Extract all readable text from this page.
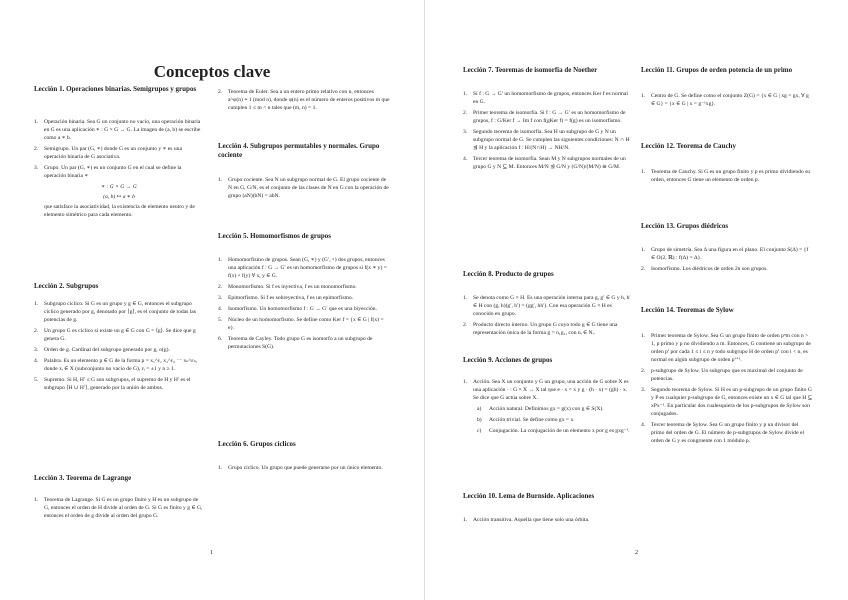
Conceptos clave
Lección 1. Operaciones binarias. Semigrupos y grupos
1.	Operación binaria. Sea G un conjunto no vacío, una operación binaria en G es una aplicación ∗ : G × G → G. La imagen de (a, b) se escribe como a ∗ b.
2.	Semigrupo. Un par (G, ∗) donde G es un conjunto y ∗ es una operación binaria de G asociativa.
3.	Grupo. Un par (G, ∗) es un conjunto G en el cual se define la operación binaria ∗
∗ : G × G → G
(a, b) ↦ a ∗ b
que satisface la asociatividad, la existencia de elemento neutro y de elemento simétrico para cada elemento.
Lección 2. Subgrupos
1.	Subgrupo cíclico. Si G es un grupo y g ∈ G, entonces el subgrupo cíclico generado por g, denotado por ⟨g⟩, es el conjunto de todas las potencias de g.
2.	Un grupo G es cíclico si existe un g ∈ G con G = ⟨g⟩. Se dice que g genera G.
3.	Orden de g. Cardinal del subgrupo generado por g, o(g).
4.	Palabra. Es un elemento p ∈ G de la forma p = x₁^ε₁ x₂^ε₂ ⋯ xₙ^εₙ, donde xᵢ ∈ X (subconjunto no vacío de G), εᵢ = ±1 y n ≥ 1.
5.	Supremo. Si H, H′ ≤ G son subgrupos, el supremo de H y H′ es el subgrupo ⟨H ∪ H′⟩, generado por la unión de ambos.
Lección 3. Teorema de Lagrange
1.	Teorema de Lagrange. Si G es un grupo finito y H es un subgrupo de G, entonces el orden de H divide al orden de G. Si G es finito y g ∈ G, entonces el orden de g divide al orden del grupo G.
2.	Teorema de Euler. Sea a un entero primo relativo con n, entonces a^φ(n) ≡ 1 (mod n), donde φ(n) es el número de enteros positivos m que cumplen 1 ≤ m < n tales que (m, n) = 1.
Lección 4. Subgrupos permutables y normales. Grupo cociente
1.	Grupo cociente. Sea N un subgrupo normal de G. El grupo cociente de N en G, G/N, es el conjunto de las clases de N en G con la operación de grupo (aN)(bN) = abN.
Lección 5. Homomorfismos de grupos
1.	Homomorfismo de grupos. Sean (G, ∗) y (G′, ∘) dos grupos, entonces una aplicación f : G → G′ es un homomorfismo de grupos si f(x ∗ y) = f(x) ∘ f(y) ∀ x, y ∈ G.
2.	Monomorfismo. Si f es inyectiva, f es un monomorfismo.
3.	Epimorfismo. Si f es sobreyectiva, f es un epimorfismo.
4.	Isomorfismo. Un homomorfismo f : G → G′ que es una biyección.
5.	Núcleo de un homomorfismo. Se define como Ker f = {x ∈ G | f(x) = e}.
6.	Teorema de Cayley. Todo grupo G es isomorfo a un subgrupo de permutaciones S(G).
Lección 6. Grupos cíclicos
1.	Grupo cíclico. Un grupo que puede generarse por un único elemento.
1
Lección 7. Teoremas de isomorfía de Noether
1.	Si f : G → G′ un homomorfismo de grupos, entonces Ker f es normal en G.
2.	Primer teorema de isomorfía. Si f : G → G′ es un homomorfismo de grupos, f : G/Ker f → Im f con f(gKer f) = f(g) es un isomorfismo.
3.	Segundo teorema de isomorfía. Sea H un subgrupo de G y N un subgrupo normal de G. Se cumplen las siguientes condiciones: N ∩ H ⊴ H y la aplicación f : H/(N∩H) → NH/N.
4.	Tercer teorema de isomorfía. Sean M y N subgrupos normales de un grupo G y N ⊆ M. Entonces M/N ⊴ G/N y (G/N)/(M/N) ≅ G/M.
Lección 8. Producto de grupos
1.	Se denota como G × H. Es una operación interna para g, g′ ∈ G y h, h′ ∈ H con (g, h)(g′, h′) = (gg′, hh′). Con esa operación G × H es conocido en grupo.
2.	Producto directo interno. Un grupo G cuyo todo g ∈ G tiene una representación única de la forma g = n₁g₁, con nᵢ ∈ Nᵢ.
Lección 9. Acciones de grupos
1.	Acción. Sea X un conjunto y G un grupo, una acción de G sobre X es una aplicación · : G × X → X tal que e · x = x y g · (h · x) = (gh) · x. Se dice que G actúa sobre X.
a)	Acción natural. Definimos gx = g(x) con g ∈ S(X).
b)	Acción trivial. Se define como gx = x.
c)	Conjugación. La conjugación de un elemento x por g es gxg⁻¹.
Lección 10. Lema de Burnside. Aplicaciones
1.	Acción transitiva. Aquella que tiene solo una órbita.
Lección 11. Grupos de orden potencia de un primo
1.	Centro de G. Se define como el conjunto Z(G) = {x ∈ G | xg = gx, ∀ g ∈ G} = {x ∈ G | x = g⁻¹xg}.
Lección 12. Teorema de Cauchy
1.	Teorema de Cauchy. Si G es un grupo finito y p es primo dividiendo su orden, entonces G tiene un elemento de orden p.
Lección 13. Grupos diédricos
1.	Grupo de simetría. Sea Δ una figura en el plano. El conjunto S(Δ) = {f ∈ O(2, ℝ) : f(Δ) = Δ}.
2.	Isomorfismo. Los diédricos de orden 2n son grupos.
Lección 14. Teoremas de Sylow
1.	Primer teorema de Sylow. Sea G un grupo finito de orden pⁿm con n > 1, p primo y p no dividiendo a m. Entonces, G contiene un subgrupo de orden pⁱ por cada 1 ≤ i ≤ n y todo subgrupo H de orden pⁱ con i < n, es normal en algún subgrupo de orden pⁱ⁺¹.
2.	p-subgrupo de Sylow. Un subgrupo que es maximal del conjunto de potencias.
3.	Segundo teorema de Sylow. Si H es un p-subgrupo de un grupo finito G y P es cualquier p-subgrupo de G, entonces existe un x ∈ G tal que H ⊆ xPx⁻¹. En particular dos cualesquiera de los p-subgrupos de Sylow son conjugados.
4.	Tercer teorema de Sylow. Sea G un grupo finito y p un divisor del primo del orden de G. El número de p-subgrupos de Sylow divide el orden de G y es congruente con 1 módulo p.
2
